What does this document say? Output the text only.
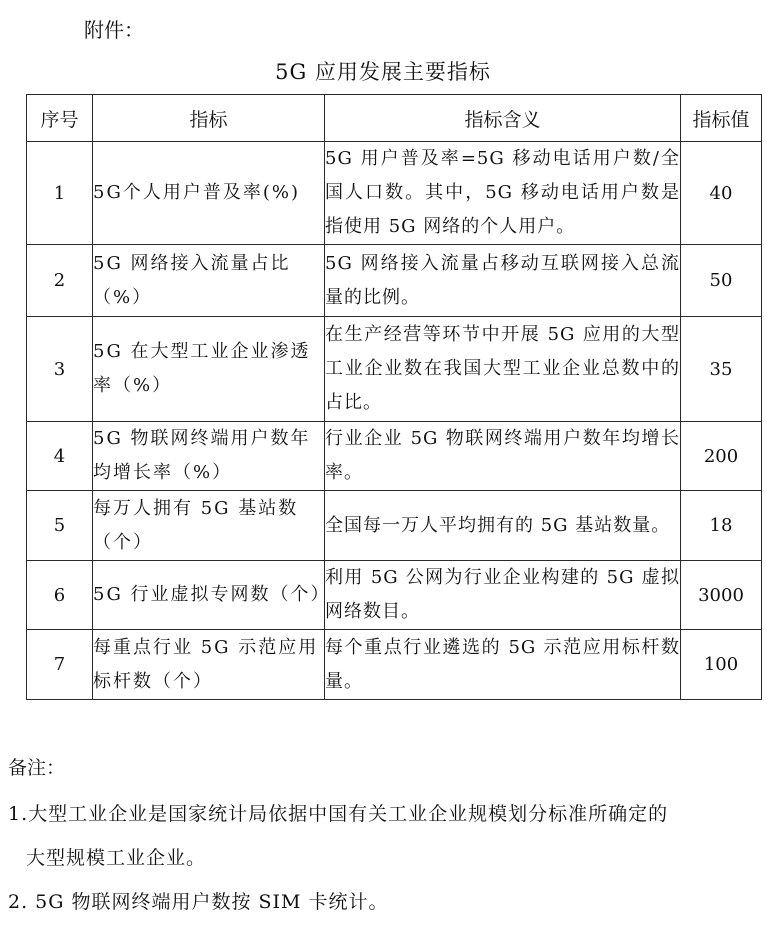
附件：
5G 应用发展主要指标
序号	指标	指标含义	指标值
1	5G个人用户普及率(%)	5G 用户普及率=5G 移动电话用户数/全国人口数。其中，5G 移动电话用户数是指使用 5G 网络的个人用户。	40
2	5G 网络接入流量占比（%）	5G 网络接入流量占移动互联网接入总流量的比例。	50
3	5G 在大型工业企业渗透率（%）	在生产经营等环节中开展 5G 应用的大型工业企业数在我国大型工业企业总数中的占比。	35
4	5G 物联网终端用户数年均增长率（%）	行业企业 5G 物联网终端用户数年均增长率。	200
5	每万人拥有 5G 基站数（个）	全国每一万人平均拥有的 5G 基站数量。	18
6	5G 行业虚拟专网数（个）	利用 5G 公网为行业企业构建的 5G 虚拟网络数目。	3000
7	每重点行业 5G 示范应用标杆数（个）	每个重点行业遴选的 5G 示范应用标杆数量。	100
备注：
1.大型工业企业是国家统计局依据中国有关工业企业规模划分标准所确定的
大型规模工业企业。
2. 5G 物联网终端用户数按 SIM 卡统计。
